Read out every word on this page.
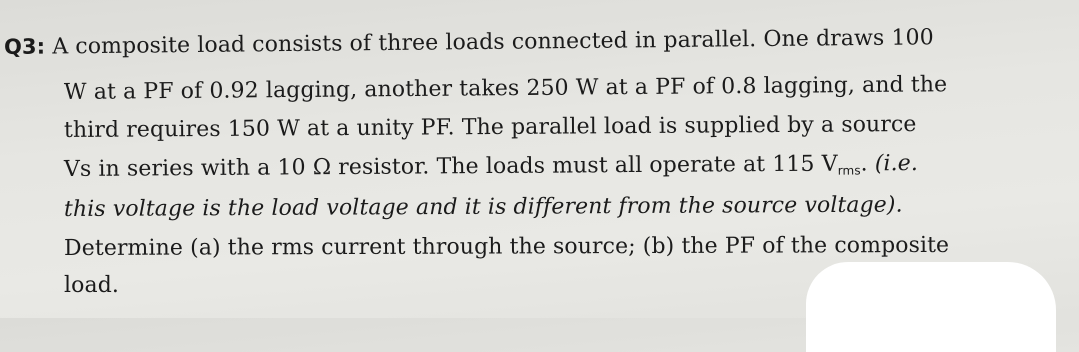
Q3: A composite load consists of three loads connected in parallel. One draws 100
W at a PF of 0.92 lagging, another takes 250 W at a PF of 0.8 lagging, and the
third requires 150 W at a unity PF. The parallel load is supplied by a source
Vs in series with a 10 Ω resistor. The loads must all operate at 115 Vrms. (i.e.
this voltage is the load voltage and it is different from the source voltage).
Determine (a) the rms current through the source; (b) the PF of the composite
load.
